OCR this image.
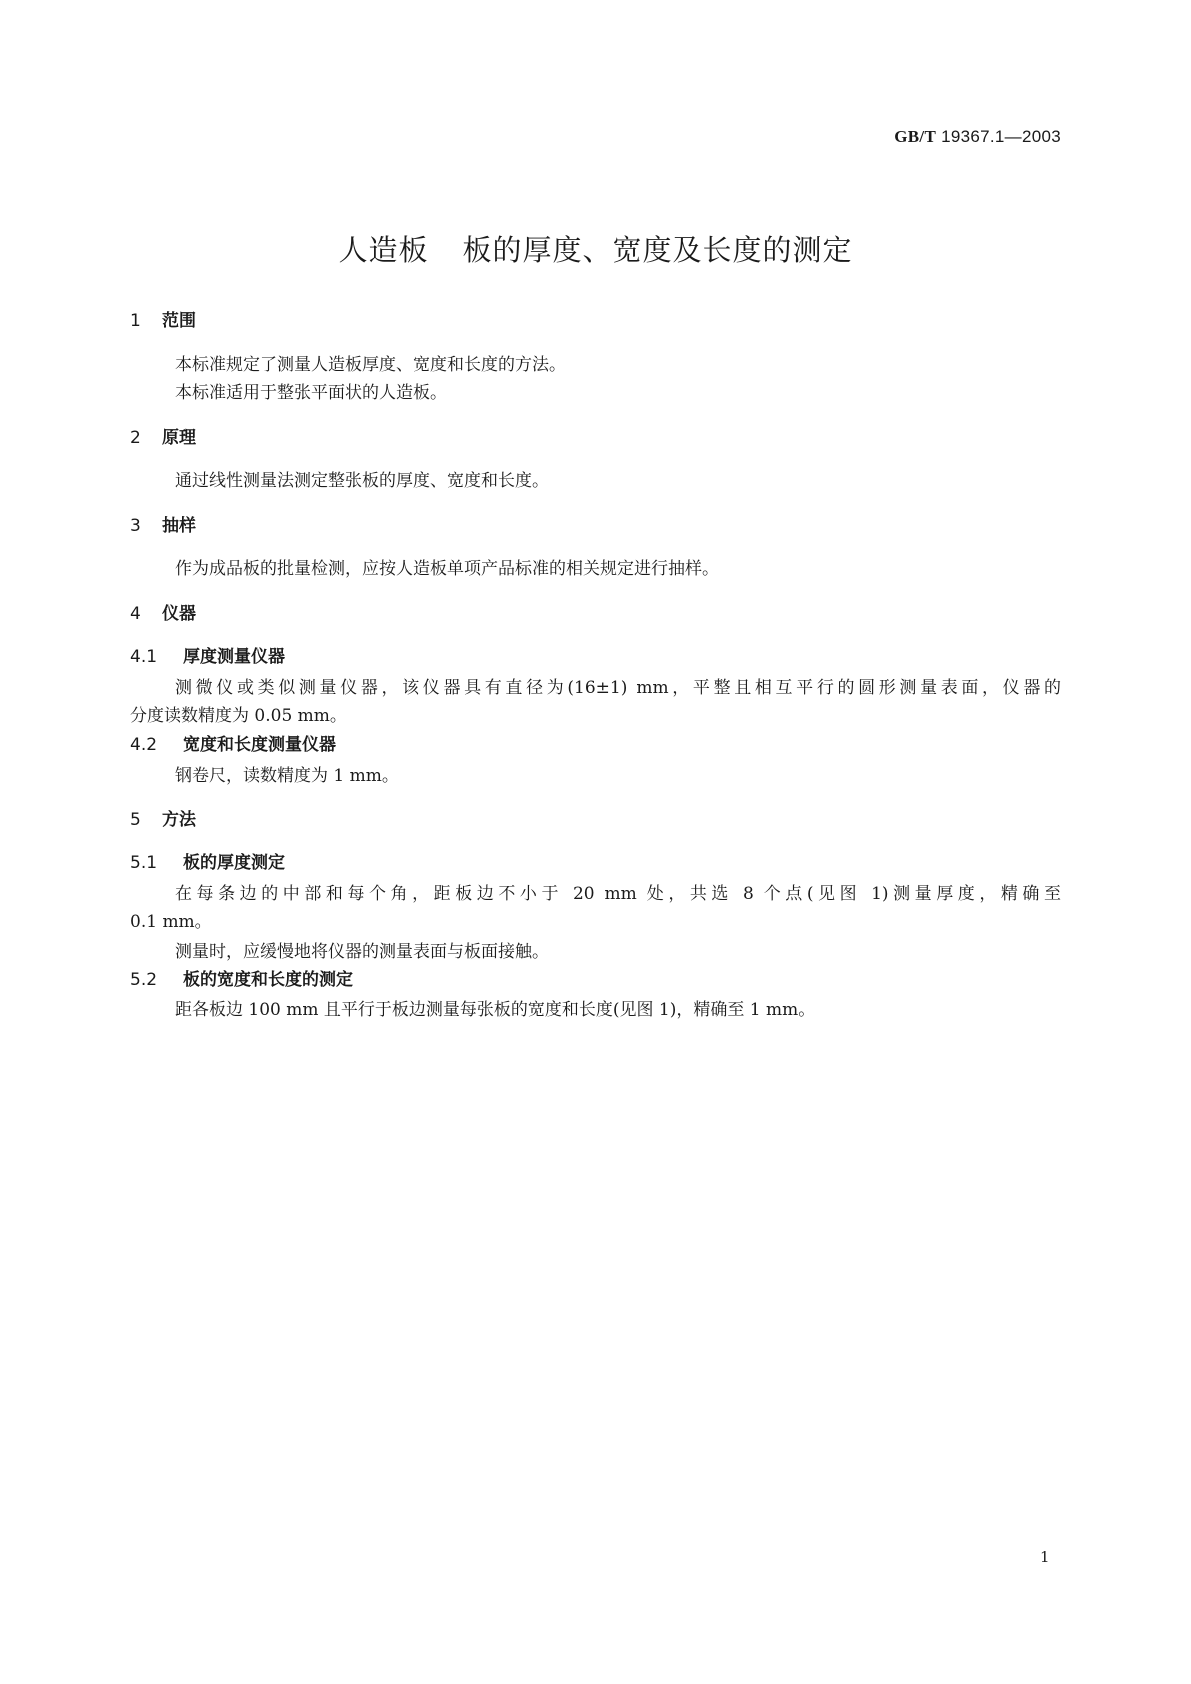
GB/T 19367.1—2003
人造板 板的厚度、宽度及长度的测定
1 范围

本标准规定了测量人造板厚度、宽度和长度的方法。

本标准适用于整张平面状的人造板。

2 原理

通过线性测量法测定整张板的厚度、宽度和长度。

3 抽样

作为成品板的批量检测，应按人造板单项产品标准的相关规定进行抽样。

4 仪器
4.1 厚度测量仪器

测微仪或类似测量仪器，该仪器具有直径为(16±1) mm，平整且相互平行的圆形测量表面，仪器的

分度读数精度为 0.05 mm。

4.2 宽度和长度测量仪器

钢卷尺，读数精度为 1 mm。

5 方法
5.1 板的厚度测定

在每条边的中部和每个角，距板边不小于 20 mm 处，共选 8 个点(见图 1)测量厚度，精确至

0.1 mm。

测量时，应缓慢地将仪器的测量表面与板面接触。

5.2 板的宽度和长度的测定

距各板边 100 mm 且平行于板边测量每张板的宽度和长度(见图 1)，精确至 1 mm。

1
